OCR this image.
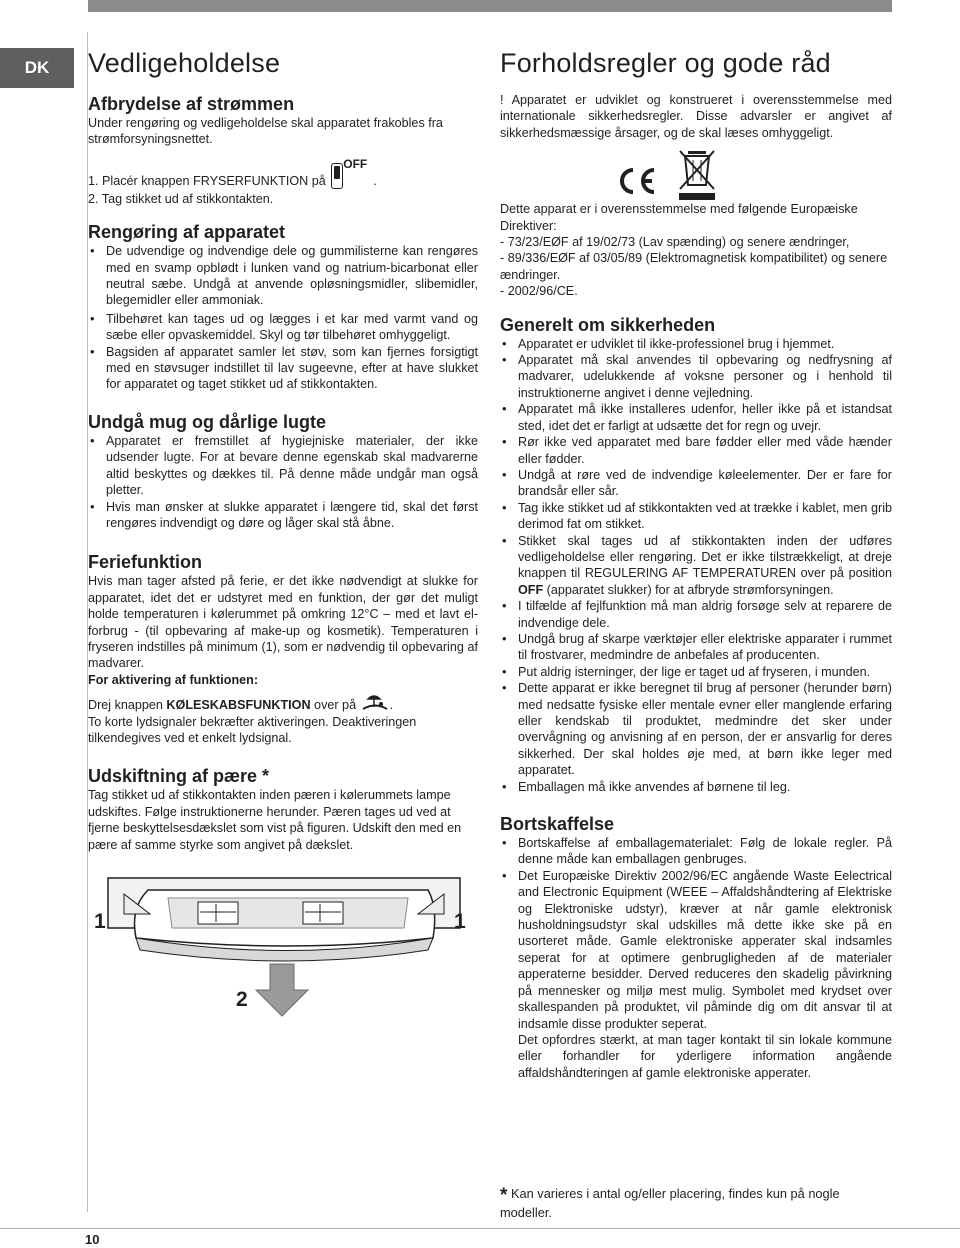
DK	Vedligeholdelse
Afbrydelse af strømmen

Under rengøring og vedligeholdelse skal apparatet frakobles fra strømforsyningsnettet.

1. Placér knappen FRYSERFUNKTION på
OFF
.
2. Tag stikket ud af stikkontakten.
Rengøring af apparatet
• De udvendige og indvendige dele og gummilisterne kan rengøres med en svamp opblødt i lunken vand og natrium-bicarbonat eller neutral sæbe. Undgå at anvende opløsningsmidler, slibemidler, blegemidler eller ammoniak.
• Tilbehøret kan tages ud og lægges i et kar med varmt vand og sæbe eller opvaskemiddel. Skyl og tør tilbehøret omhyggeligt.
• Bagsiden af apparatet samler let støv, som kan fjernes forsigtigt med en støvsuger indstillet til lav sugeevne, efter at have slukket for apparatet og taget stikket ud af stikkontakten.
Undgå mug og dårlige lugte
• Apparatet er fremstillet af hygiejniske materialer, der ikke udsender lugte. For at bevare denne egenskab skal madvarerne altid beskyttes og dækkes til. På denne måde undgår man også pletter.
• Hvis man ønsker at slukke apparatet i længere tid, skal det først rengøres indvendigt og døre og låger skal stå åbne.
Feriefunktion

Hvis man tager afsted på ferie, er det ikke nødvendigt at slukke for apparatet, idet det er udstyret med en funktion, der gør det muligt holde temperaturen i kølerummet på omkring 12°C – med et lavt el-forbrug - (til opbevaring af make-up og kosmetik). Temperaturen i fryseren indstilles på minimum (1), som er nødvendig til opbevaring af madvarer.

For aktivering af funktionen:

Drej knappen KØLESKABSFUNKTION over på	.

To korte lydsignaler bekræfter aktiveringen. Deaktiveringen tilkendegives ved et enkelt lydsignal.

Udskiftning af pære *

Tag stikket ud af stikkontakten inden pæren i kølerummets lampe udskiftes. Følge instruktionerne herunder. Pæren tages ud ved at fjerne beskyttelsesdækslet som vist på figuren. Udskift den med en pære af samme styrke som angivet på dækslet.

1	1
2
Forholdsregler og gode råd

! Apparatet er udviklet og konstrueret i overensstemmelse med internationale sikkerhedsregler. Disse advarsler er angivet af sikkerhedsmæssige årsager, og de skal læses omhyggeligt.

Dette apparat er i overensstemmelse med følgende Europæiske Direktiver:

- 73/23/EØF af 19/02/73 (Lav spænding) og senere ændringer,

- 89/336/EØF af 03/05/89 (Elektromagnetisk kompatibilitet) og senere ændringer.

- 2002/96/CE.

Generelt om sikkerheden
• Apparatet er udviklet til ikke-professionel brug i hjemmet.
• Apparatet må skal anvendes til opbevaring og nedfrysning af madvarer, udelukkende af voksne personer og i henhold til instruktionerne angivet i denne vejledning.
• Apparatet må ikke installeres udenfor, heller ikke på et istandsat sted, idet det er farligt at udsætte det for regn og uvejr.
• Rør ikke ved apparatet med bare fødder eller med våde hænder eller fødder.
• Undgå at røre ved de indvendige køleelementer. Der er fare for brandsår eller sår.
• Tag ikke stikket ud af stikkontakten ved at trække i kablet, men grib derimod fat om stikket.
• Stikket skal tages ud af stikkontakten inden der udføres vedligeholdelse eller rengøring. Det er ikke tilstrækkeligt, at dreje knappen til REGULERING AF TEMPERATUREN over på position OFF (apparatet slukker) for at afbryde strømforsyningen.
• I tilfælde af fejlfunktion må man aldrig forsøge selv at reparere de indvendige dele.
• Undgå brug af skarpe værktøjer eller elektriske apparater i rummet til frostvarer, medmindre de anbefales af producenten.
• Put aldrig isterninger, der lige er taget ud af fryseren, i munden.
• Dette apparat er ikke beregnet til brug af personer (herunder børn) med nedsatte fysiske eller mentale evner eller manglende erfaring eller kendskab til produktet, medmindre det sker under overvågning og anvisning af en person, der er ansvarlig for deres sikkerhed. Der skal holdes øje med, at børn ikke leger med apparatet.
• Emballagen må ikke anvendes af børnene til leg.
Bortskaffelse
• Bortskaffelse af emballagematerialet: Følg de lokale regler. På denne måde kan emballagen genbruges.
• Det Europæiske Direktiv 2002/96/EC angående Waste Eelectrical and Electronic Equipment (WEEE – Affaldshåndtering af Elektriske og Elektroniske udstyr), kræver at når gamle elektronisk husholdningsudstyr skal udskilles må dette ikke ske på en usorteret måde. Gamle elektroniske apperater skal indsamles seperat for at optimere genbrugligheden af de materialer apperaterne besidder. Derved reduceres den skadelig påvirkning på mennesker og miljø mest mulig. Symbolet med krydset over skallespanden på produktet, vil påminde dig om dit ansvar til at indsamle disse produkter seperat.

Det opfordres stærkt, at man tager kontakt til sin lokale kommune eller forhandler for yderligere information angående affaldshåndteringen af gamle elektroniske apperater.

* Kan varieres i antal og/eller placering, findes kun på nogle modeller.
10
